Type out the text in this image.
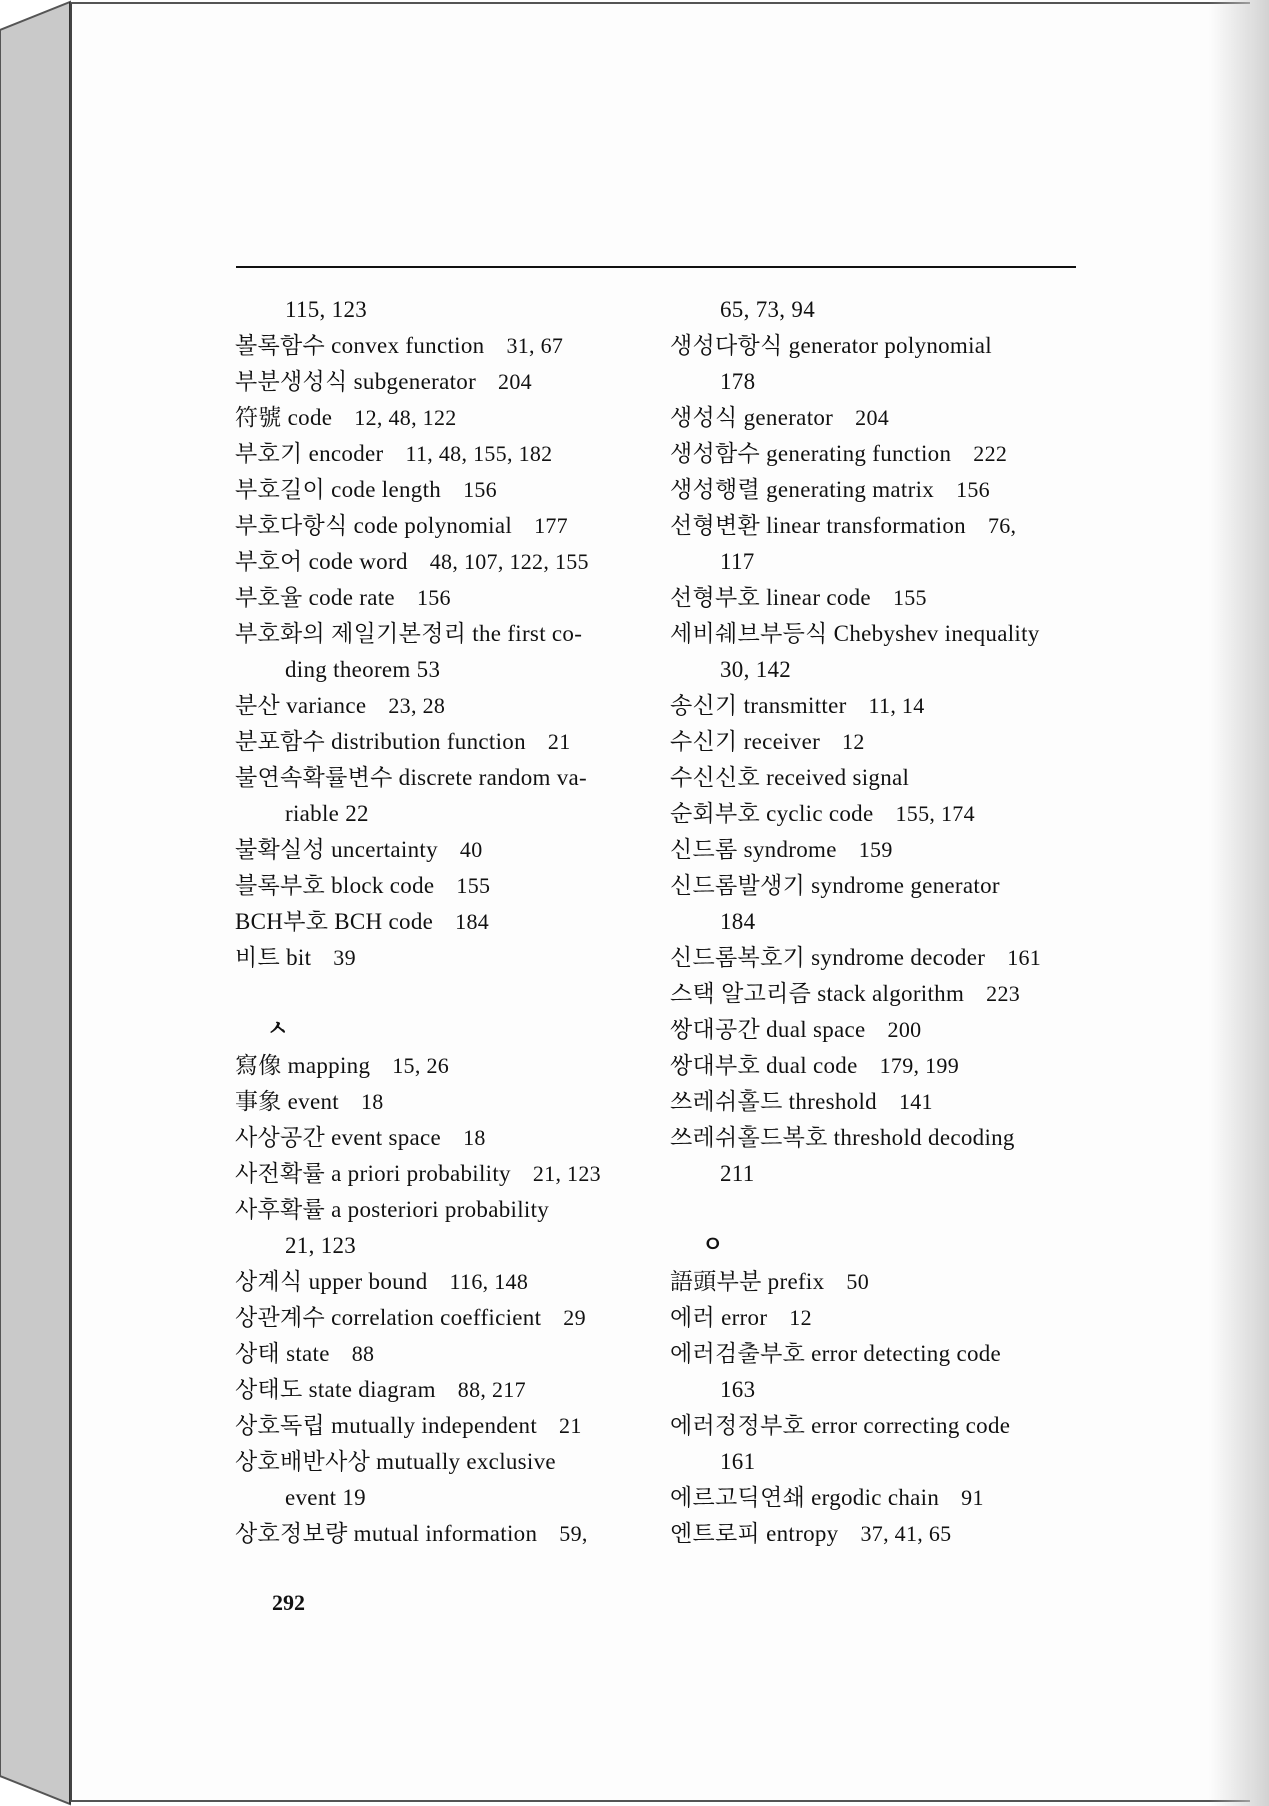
115, 123
볼록함수 convex function 31, 67
부분생성식 subgenerator 204
符號 code 12, 48, 122
부호기 encoder 11, 48, 155, 182
부호길이 code length 156
부호다항식 code polynomial 177
부호어 code word 48, 107, 122, 155
부호율 code rate 156
부호화의 제일기본정리 the first co-
ding theorem 53
분산 variance 23, 28
분포함수 distribution function 21
불연속확률변수 discrete random va-
riable 22
불확실성 uncertainty 40
블록부호 block code 155
BCH부호 BCH code 184
비트 bit 39
ㅅ
寫像 mapping 15, 26
事象 event 18
사상공간 event space 18
사전확률 a priori probability 21, 123
사후확률 a posteriori probability
21, 123
상계식 upper bound 116, 148
상관계수 correlation coefficient 29
상태 state 88
상태도 state diagram 88, 217
상호독립 mutually independent 21
상호배반사상 mutually exclusive
event 19
상호정보량 mutual information 59,
65, 73, 94
생성다항식 generator polynomial
178
생성식 generator 204
생성함수 generating function 222
생성행렬 generating matrix 156
선형변환 linear transformation 76,
117
선형부호 linear code 155
세비쉐브부등식 Chebyshev inequality
30, 142
송신기 transmitter 11, 14
수신기 receiver 12
수신신호 received signal
순회부호 cyclic code 155, 174
신드롬 syndrome 159
신드롬발생기 syndrome generator
184
신드롬복호기 syndrome decoder 161
스택 알고리즘 stack algorithm 223
쌍대공간 dual space 200
쌍대부호 dual code 179, 199
쓰레쉬홀드 threshold 141
쓰레쉬홀드복호 threshold decoding
211
ㅇ
語頭부분 prefix 50
에러 error 12
에러검출부호 error detecting code
163
에러정정부호 error correcting code
161
에르고딕연쇄 ergodic chain 91
엔트로피 entropy 37, 41, 65
292
